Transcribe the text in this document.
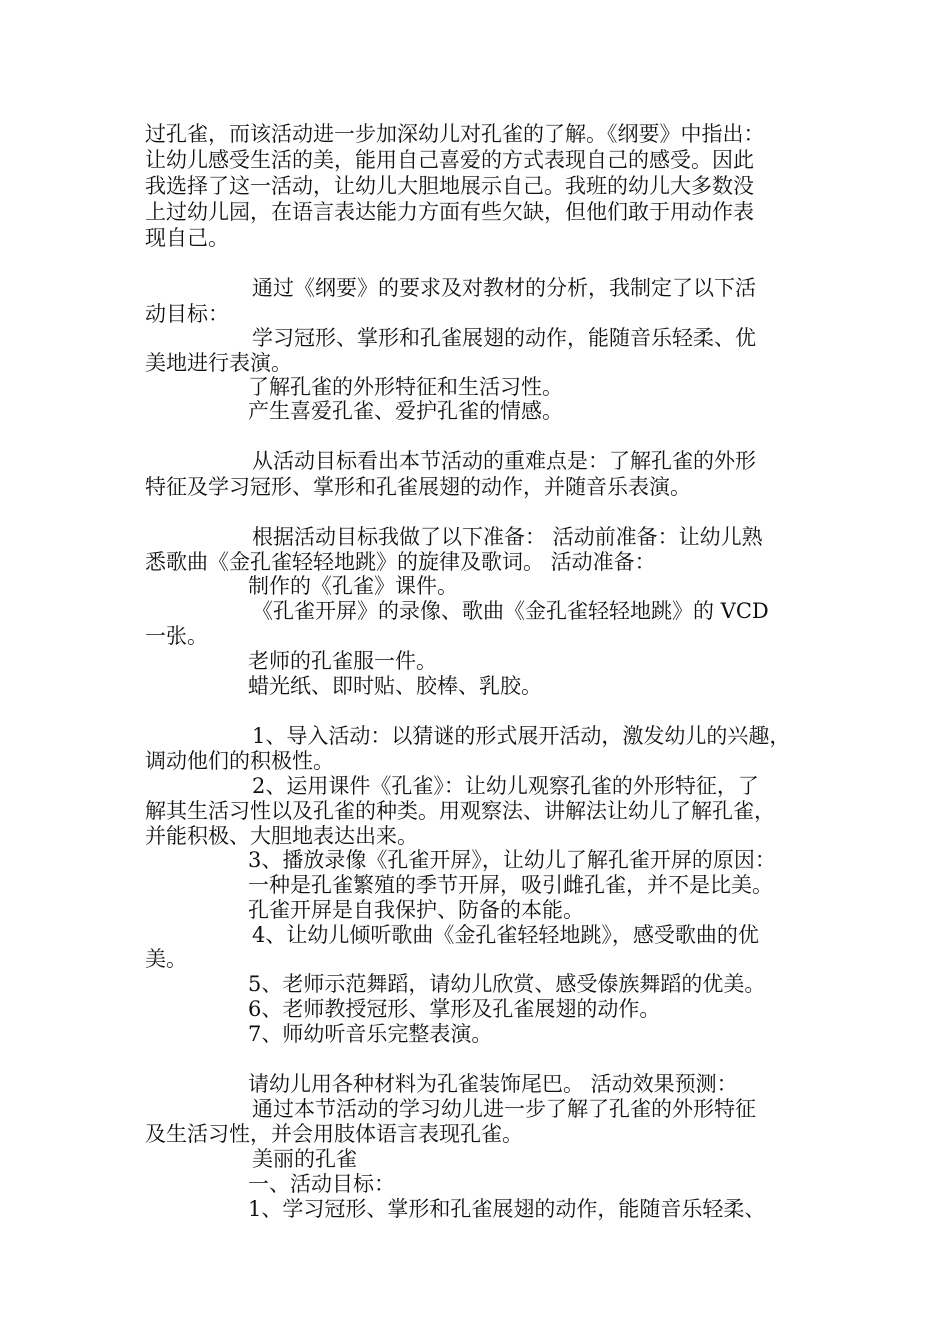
过孔雀，而该活动进一步加深幼儿对孔雀的了解。《纲要》中指出：
让幼儿感受生活的美，能用自己喜爱的方式表现自己的感受。因此
我选择了这一活动，让幼儿大胆地展示自己。我班的幼儿大多数没
上过幼儿园，在语言表达能力方面有些欠缺，但他们敢于用动作表
现自己。
通过《纲要》的要求及对教材的分析，我制定了以下活
动目标：
学习冠形、掌形和孔雀展翅的动作，能随音乐轻柔、优
美地进行表演。
了解孔雀的外形特征和生活习性。
产生喜爱孔雀、爱护孔雀的情感。
从活动目标看出本节活动的重难点是：了解孔雀的外形
特征及学习冠形、掌形和孔雀展翅的动作，并随音乐表演。
根据活动目标我做了以下准备： 活动前准备：让幼儿熟
悉歌曲《金孔雀轻轻地跳》的旋律及歌词。 活动准备：
制作的《孔雀》课件。
《孔雀开屏》的录像、歌曲《金孔雀轻轻地跳》的 VCD
一张。
老师的孔雀服一件。
蜡光纸、即时贴、胶棒、乳胶。
1、导入活动：以猜谜的形式展开活动，激发幼儿的兴趣，
调动他们的积极性。
2、运用课件《孔雀》：让幼儿观察孔雀的外形特征，了
解其生活习性以及孔雀的种类。用观察法、讲解法让幼儿了解孔雀，
并能积极、大胆地表达出来。
3、播放录像《孔雀开屏》，让幼儿了解孔雀开屏的原因：
一种是孔雀繁殖的季节开屏，吸引雌孔雀，并不是比美。
孔雀开屏是自我保护、防备的本能。
4、让幼儿倾听歌曲《金孔雀轻轻地跳》，感受歌曲的优
美。
5、老师示范舞蹈，请幼儿欣赏、感受傣族舞蹈的优美。
6、老师教授冠形、掌形及孔雀展翅的动作。
7、师幼听音乐完整表演。
请幼儿用各种材料为孔雀装饰尾巴。 活动效果预测：
通过本节活动的学习幼儿进一步了解了孔雀的外形特征
及生活习性，并会用肢体语言表现孔雀。
美丽的孔雀
一、活动目标：
1、学习冠形、掌形和孔雀展翅的动作，能随音乐轻柔、
